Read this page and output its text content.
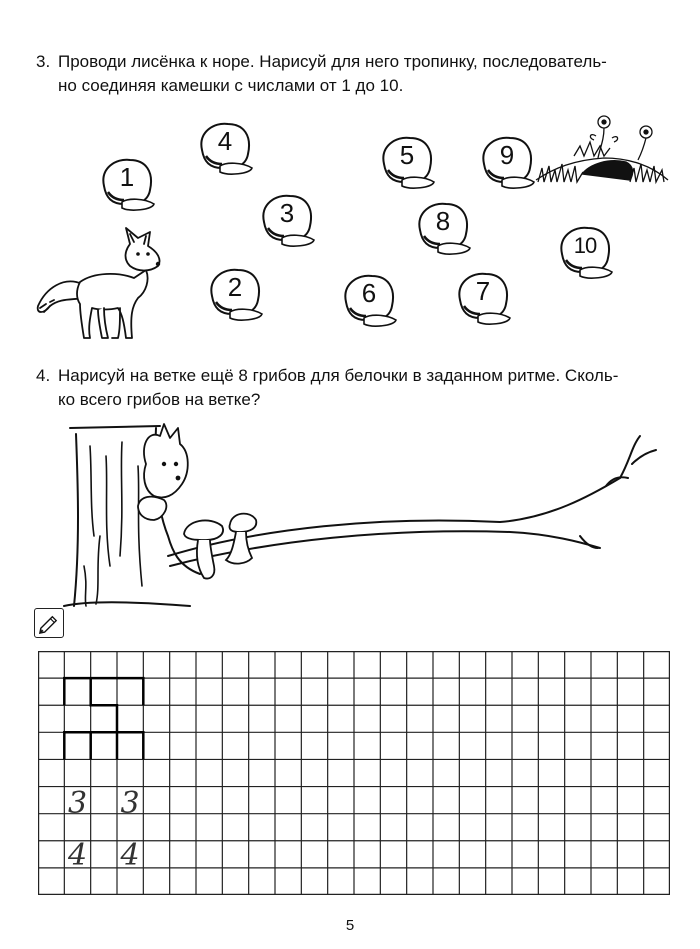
3. Проводи лисёнка к норе. Нарисуй для него тропинку, последователь-
но соединяя камешки с числами от 1 до 10.
1
2
3
4	5
6	7
8
9
10
4. Нарисуй на ветке ещё 8 грибов для белочки в заданном ритме. Сколь-
ко всего грибов на ветке?
3 3
4 4
5
